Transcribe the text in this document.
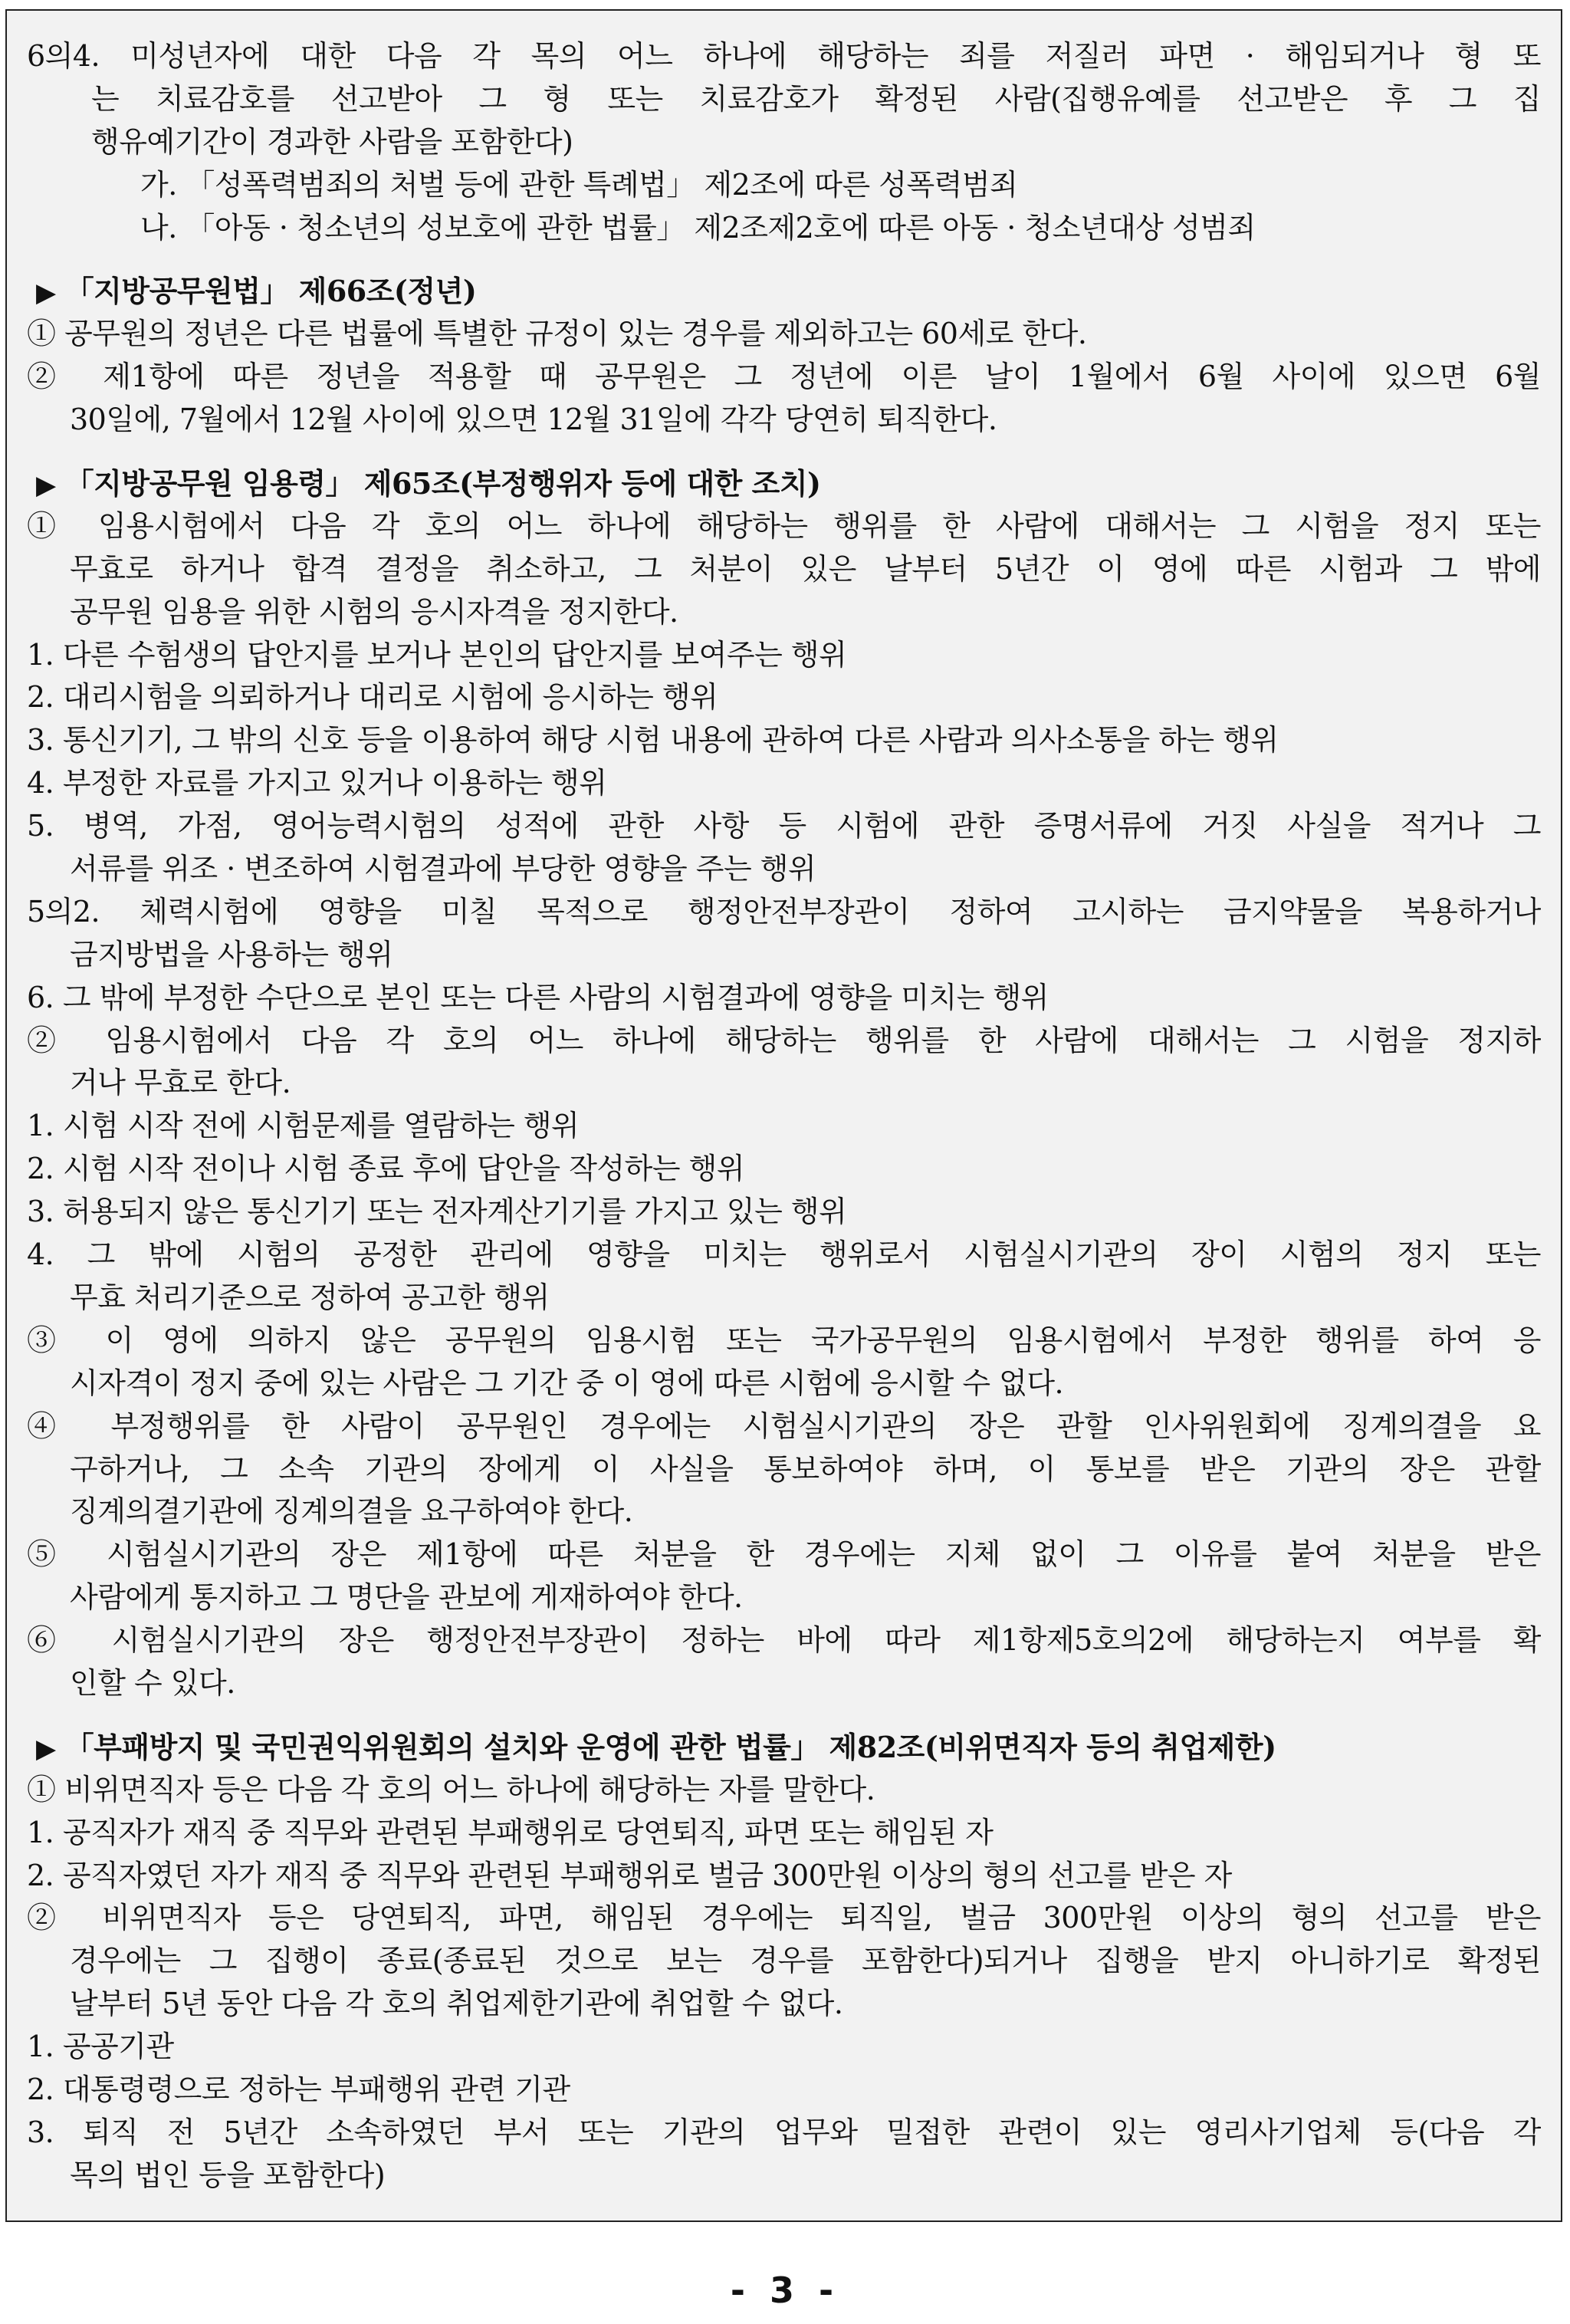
6의4. 미성년자에 대한 다음 각 목의 어느 하나에 해당하는 죄를 저질러 파면 · 해임되거나 형 또
는 치료감호를 선고받아 그 형 또는 치료감호가 확정된 사람(집행유예를 선고받은 후 그 집
행유예기간이 경과한 사람을 포함한다)
가. 「성폭력범죄의 처벌 등에 관한 특례법」 제2조에 따른 성폭력범죄
나. 「아동 · 청소년의 성보호에 관한 법률」 제2조제2호에 따른 아동 · 청소년대상 성범죄
▶ 「지방공무원법」 제66조(정년)
① 공무원의 정년은 다른 법률에 특별한 규정이 있는 경우를 제외하고는 60세로 한다.
② 제1항에 따른 정년을 적용할 때 공무원은 그 정년에 이른 날이 1월에서 6월 사이에 있으면 6월
30일에, 7월에서 12월 사이에 있으면 12월 31일에 각각 당연히 퇴직한다.
▶ 「지방공무원 임용령」 제65조(부정행위자 등에 대한 조치)
① 임용시험에서 다음 각 호의 어느 하나에 해당하는 행위를 한 사람에 대해서는 그 시험을 정지 또는
무효로 하거나 합격 결정을 취소하고, 그 처분이 있은 날부터 5년간 이 영에 따른 시험과 그 밖에
공무원 임용을 위한 시험의 응시자격을 정지한다.
1. 다른 수험생의 답안지를 보거나 본인의 답안지를 보여주는 행위
2. 대리시험을 의뢰하거나 대리로 시험에 응시하는 행위
3. 통신기기, 그 밖의 신호 등을 이용하여 해당 시험 내용에 관하여 다른 사람과 의사소통을 하는 행위
4. 부정한 자료를 가지고 있거나 이용하는 행위
5. 병역, 가점, 영어능력시험의 성적에 관한 사항 등 시험에 관한 증명서류에 거짓 사실을 적거나 그
서류를 위조 · 변조하여 시험결과에 부당한 영향을 주는 행위
5의2. 체력시험에 영향을 미칠 목적으로 행정안전부장관이 정하여 고시하는 금지약물을 복용하거나
금지방법을 사용하는 행위
6. 그 밖에 부정한 수단으로 본인 또는 다른 사람의 시험결과에 영향을 미치는 행위
② 임용시험에서 다음 각 호의 어느 하나에 해당하는 행위를 한 사람에 대해서는 그 시험을 정지하
거나 무효로 한다.
1. 시험 시작 전에 시험문제를 열람하는 행위
2. 시험 시작 전이나 시험 종료 후에 답안을 작성하는 행위
3. 허용되지 않은 통신기기 또는 전자계산기기를 가지고 있는 행위
4. 그 밖에 시험의 공정한 관리에 영향을 미치는 행위로서 시험실시기관의 장이 시험의 정지 또는
무효 처리기준으로 정하여 공고한 행위
③ 이 영에 의하지 않은 공무원의 임용시험 또는 국가공무원의 임용시험에서 부정한 행위를 하여 응
시자격이 정지 중에 있는 사람은 그 기간 중 이 영에 따른 시험에 응시할 수 없다.
④ 부정행위를 한 사람이 공무원인 경우에는 시험실시기관의 장은 관할 인사위원회에 징계의결을 요
구하거나, 그 소속 기관의 장에게 이 사실을 통보하여야 하며, 이 통보를 받은 기관의 장은 관할
징계의결기관에 징계의결을 요구하여야 한다.
⑤ 시험실시기관의 장은 제1항에 따른 처분을 한 경우에는 지체 없이 그 이유를 붙여 처분을 받은
사람에게 통지하고 그 명단을 관보에 게재하여야 한다.
⑥ 시험실시기관의 장은 행정안전부장관이 정하는 바에 따라 제1항제5호의2에 해당하는지 여부를 확
인할 수 있다.
▶ 「부패방지 및 국민권익위원회의 설치와 운영에 관한 법률」 제82조(비위면직자 등의 취업제한)
① 비위면직자 등은 다음 각 호의 어느 하나에 해당하는 자를 말한다.
1. 공직자가 재직 중 직무와 관련된 부패행위로 당연퇴직, 파면 또는 해임된 자
2. 공직자였던 자가 재직 중 직무와 관련된 부패행위로 벌금 300만원 이상의 형의 선고를 받은 자
② 비위면직자 등은 당연퇴직, 파면, 해임된 경우에는 퇴직일, 벌금 300만원 이상의 형의 선고를 받은
경우에는 그 집행이 종료(종료된 것으로 보는 경우를 포함한다)되거나 집행을 받지 아니하기로 확정된
날부터 5년 동안 다음 각 호의 취업제한기관에 취업할 수 없다.
1. 공공기관
2. 대통령령으로 정하는 부패행위 관련 기관
3. 퇴직 전 5년간 소속하였던 부서 또는 기관의 업무와 밀접한 관련이 있는 영리사기업체 등(다음 각
목의 법인 등을 포함한다)
- 3 -
